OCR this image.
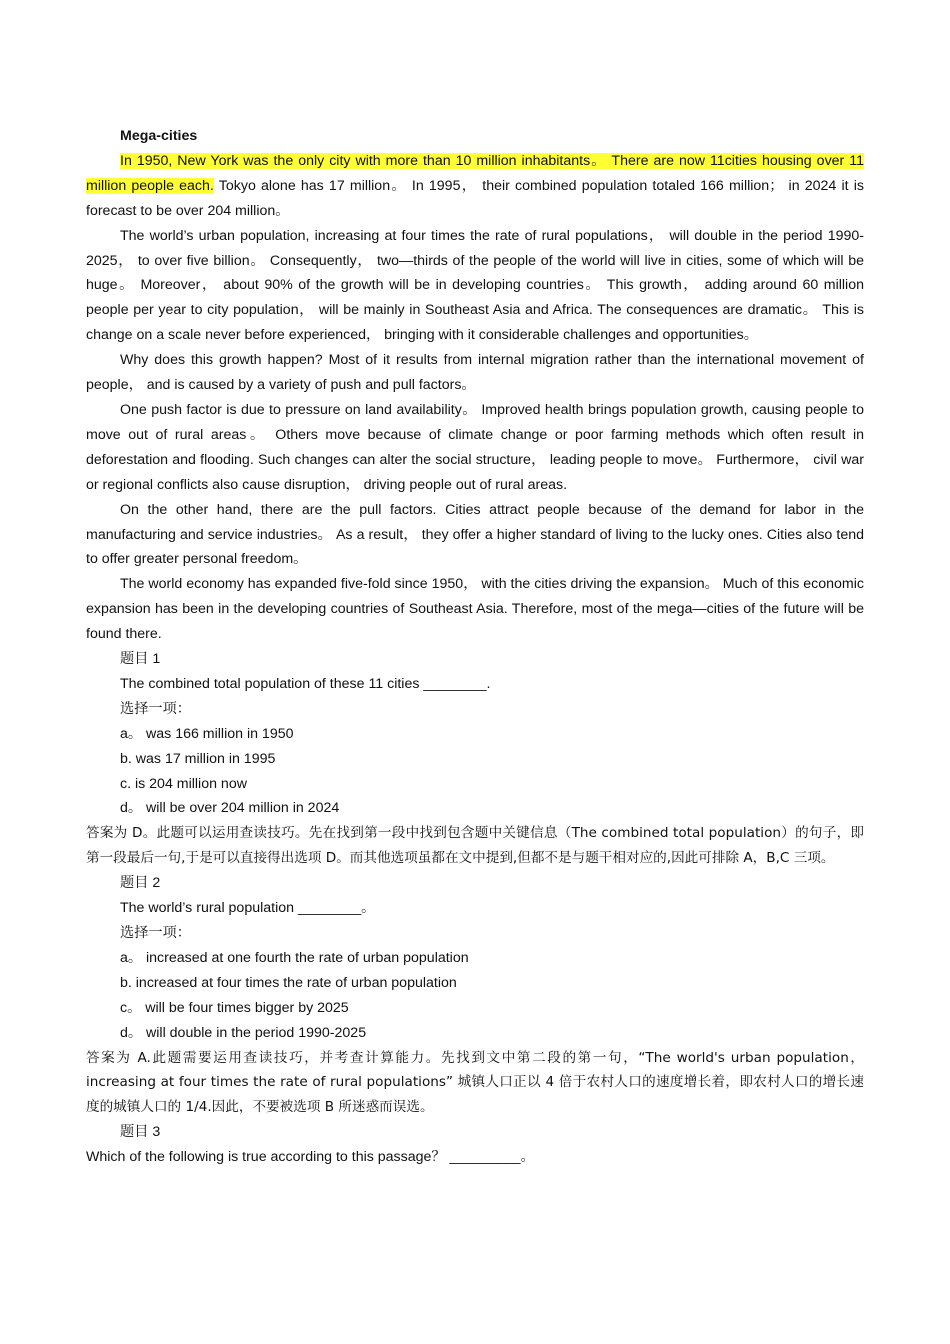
Mega-cities

In 1950, New York was the only city with more than 10 million inhabitants。 There are now 11cities housing over 11 million people each. Tokyo alone has 17 million。 In 1995， their combined population totaled 166 million； in 2024 it is forecast to be over 204 million。

The world’s urban population, increasing at four times the rate of rural populations， will double in the period 1990-2025， to over five billion。 Consequently， two—thirds of the people of the world will live in cities, some of which will be huge。 Moreover， about 90% of the growth will be in developing countries。 This growth， adding around 60 million people per year to city population， will be mainly in Southeast Asia and Africa. The consequences are dramatic。 This is change on a scale never before experienced， bringing with it considerable challenges and opportunities。

Why does this growth happen? Most of it results from internal migration rather than the international movement of people， and is caused by a variety of push and pull factors。

One push factor is due to pressure on land availability。 Improved health brings population growth, causing people to move out of rural areas。 Others move because of climate change or poor farming methods which often result in deforestation and flooding. Such changes can alter the social structure， leading people to move。 Furthermore， civil war or regional conflicts also cause disruption， driving people out of rural areas.

On the other hand, there are the pull factors. Cities attract people because of the demand for labor in the manufacturing and service industries。 As a result， they offer a higher standard of living to the lucky ones. Cities also tend to offer greater personal freedom。

The world economy has expanded five-fold since 1950， with the cities driving the expansion。 Much of this economic expansion has been in the developing countries of Southeast Asia. Therefore, most of the mega—cities of the future will be found there.

题目 1

The combined total population of these 11 cities ________.

选择一项：

a。 was 166 million in 1950

b. was 17 million in 1995

c. is 204 million now

d。 will be over 204 million in 2024

答案为 D。此题可以运用查读技巧。先在找到第一段中找到包含题中关键信息（The combined total population）的句子，即第一段最后一句,于是可以直接得出选项 D。而其他选项虽都在文中提到,但都不是与题干相对应的,因此可排除 A，B,C 三项。

题目 2

The world’s rural population ________。

选择一项：

a。 increased at one fourth the rate of urban population

b. increased at four times the rate of urban population

c。 will be four times bigger by 2025

d。 will double in the period 1990-2025

答案为 A.此题需要运用查读技巧，并考查计算能力。先找到文中第二段的第一句，“The world's urban population， increasing at four times the rate of rural populations” 城镇人口正以 4 倍于农村人口的速度增长着，即农村人口的增长速度的城镇人口的 1/4.因此，不要被选项 B 所迷惑而误选。

题目 3

Which of the following is true according to this passage？ _________。
